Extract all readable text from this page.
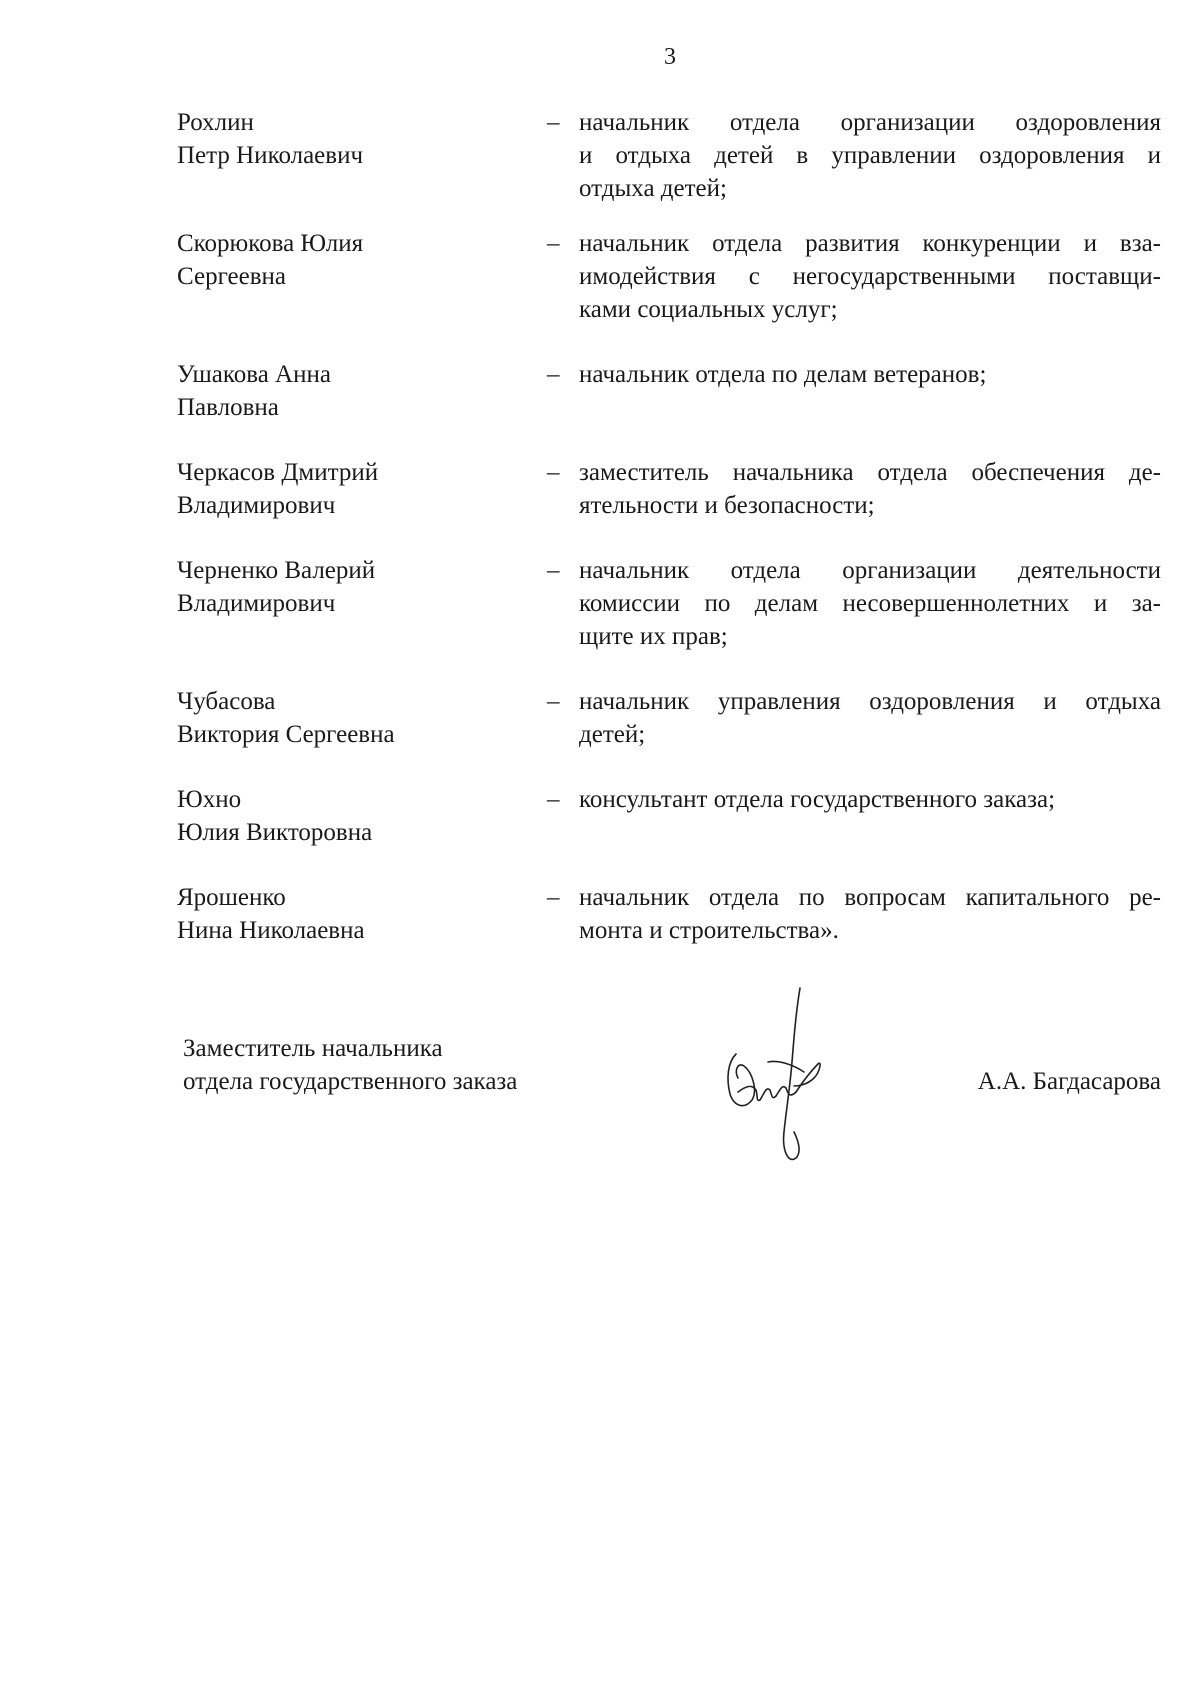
3
Рохлин
Петр Николаевич
– начальник отдела организации оздоровления
и отдыха детей в управлении оздоровления и
отдыха детей;
Скорюкова Юлия
Сергеевна
– начальник отдела развития конкуренции и вза-
имодействия с негосударственными поставщи-
ками социальных услуг;
Ушакова Анна
Павловна
– начальник отдела по делам ветеранов;
Черкасов Дмитрий
Владимирович
– заместитель начальника отдела обеспечения де-
ятельности и безопасности;
Черненко Валерий
Владимирович
– начальник отдела организации деятельности
комиссии по делам несовершеннолетних и за-
щите их прав;
Чубасова
Виктория Сергеевна
– начальник управления оздоровления и отдыха
детей;
Юхно
Юлия Викторовна
– консультант отдела государственного заказа;
Ярошенко
Нина Николаевна
– начальник отдела по вопросам капитального ре-
монта и строительства».
Заместитель начальника
отдела государственного заказа	А.А. Багдасарова
